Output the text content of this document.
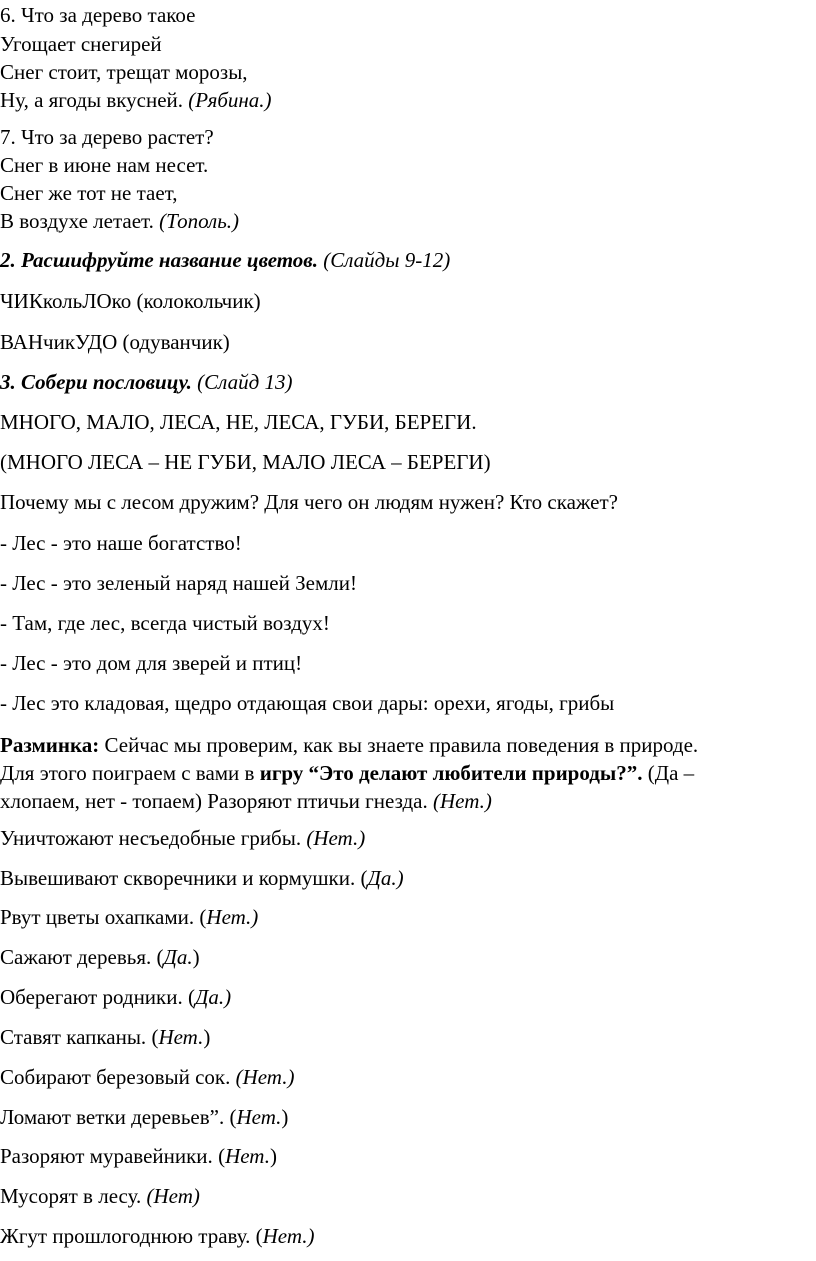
6. Что за дерево такое
Угощает снегирей
Снег стоит, трещат морозы,
Ну, а ягоды вкусней. (Рябина.)
7. Что за дерево растет?
Снег в июне нам несет.
Снег же тот не тает,
В воздухе летает. (Тополь.)
2. Расшифруйте название цветов. (Слайды 9-12)
ЧИКкольЛОко (колокольчик)
ВАНчикУДО (одуванчик)
3. Собери пословицу. (Слайд 13)
МНОГО, МАЛО, ЛЕСА, НЕ, ЛЕСА, ГУБИ, БЕРЕГИ.
(МНОГО ЛЕСА – НЕ ГУБИ, МАЛО ЛЕСА – БЕРЕГИ)
Почему мы с лесом дружим? Для чего он людям нужен? Кто скажет?
- Лес - это наше богатство!
- Лес - это зеленый наряд нашей Земли!
- Там, где лес, всегда чистый воздух!
- Лес - это дом для зверей и птиц!
- Лес это кладовая, щедро отдающая свои дары: орехи, ягоды, грибы
Разминка: Сейчас мы проверим, как вы знаете правила поведения в природе.
Для этого поиграем с вами в игру “Это делают любители природы?”. (Да –
хлопаем, нет - топаем) Разоряют птичьи гнезда. (Нет.)
Уничтожают несъедобные грибы. (Нет.)
Вывешивают скворечники и кормушки. (Да.)
Рвут цветы охапками. (Нет.)
Сажают деревья. (Да.)
Оберегают родники. (Да.)
Ставят капканы. (Нет.)
Собирают березовый сок. (Нет.)
Ломают ветки деревьев”. (Нет.)
Разоряют муравейники. (Нет.)
Мусорят в лесу. (Нет)
Жгут прошлогоднюю траву. (Нет.)
